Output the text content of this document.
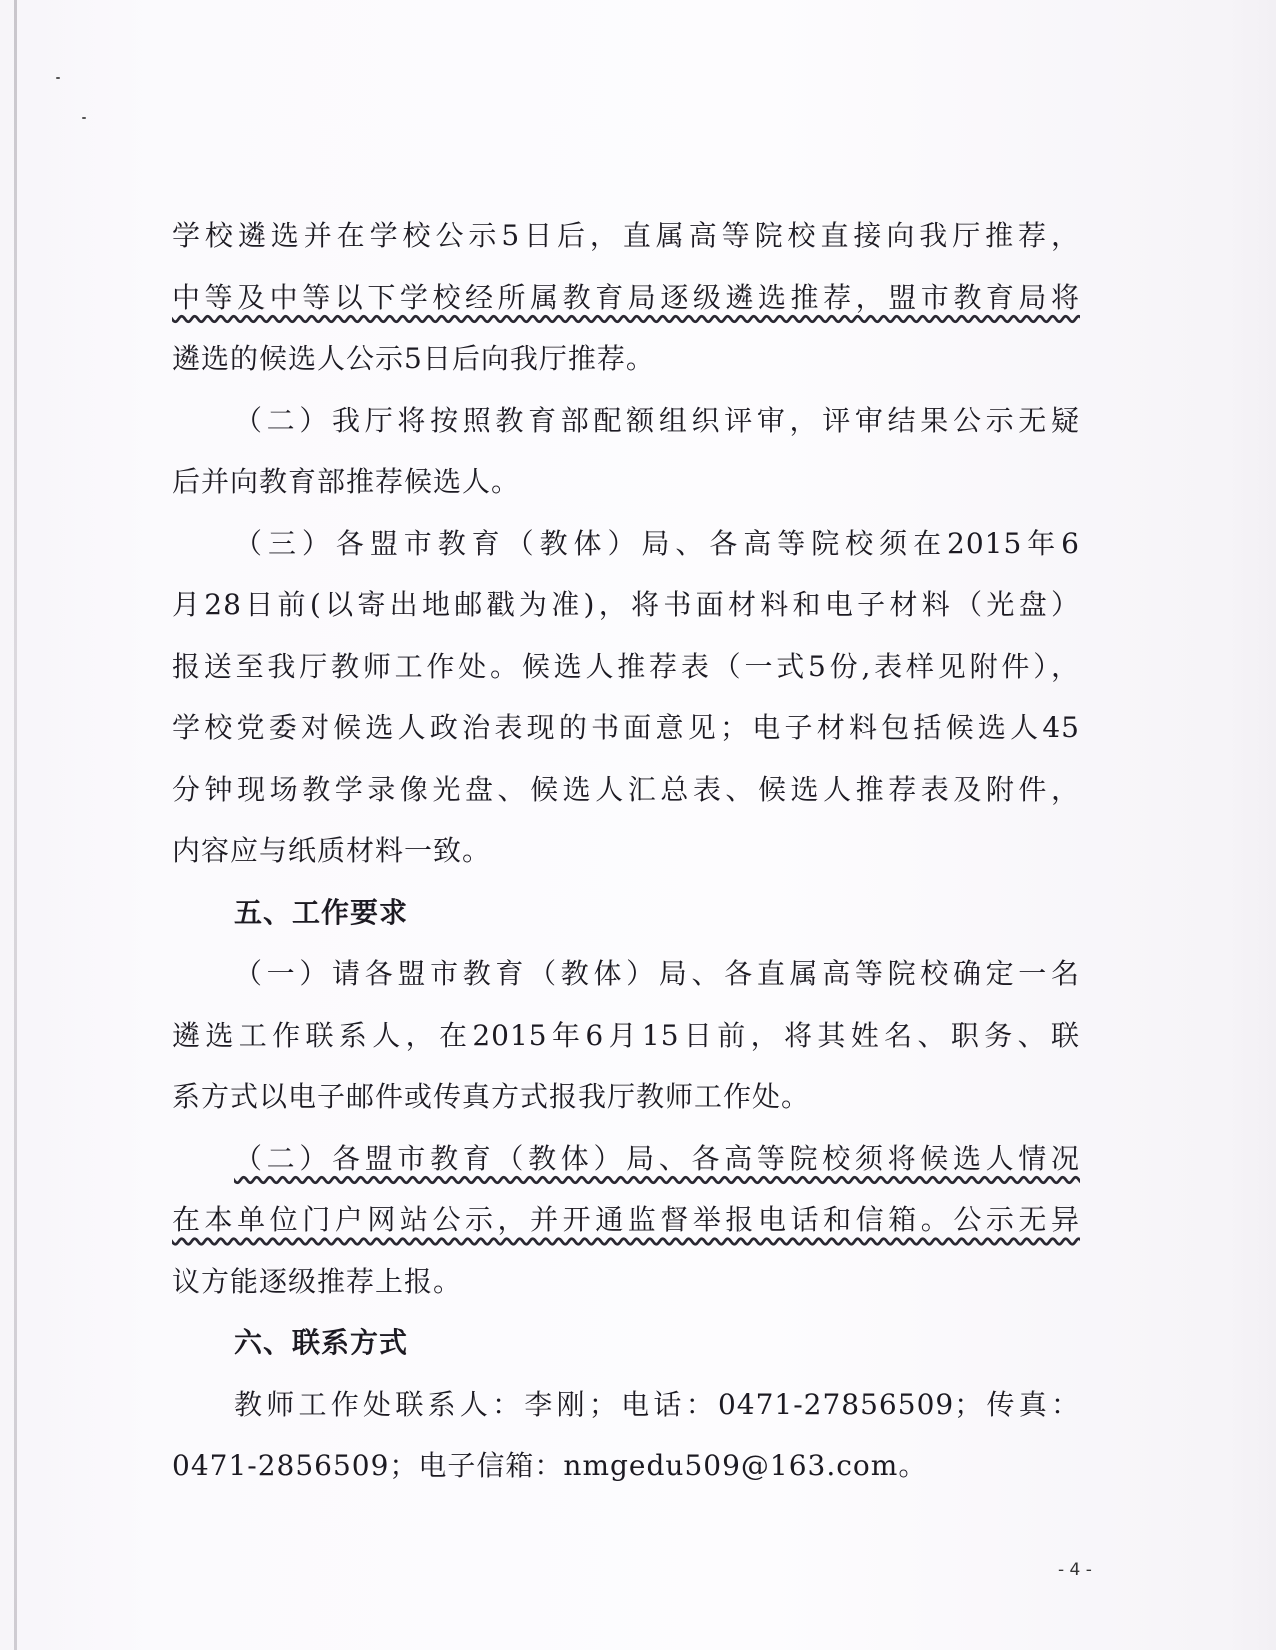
学校遴选并在学校公示5日后，直属高等院校直接向我厅推荐，
中等及中等以下学校经所属教育局逐级遴选推荐，盟市教育局将
遴选的候选人公示5日后向我厅推荐。
（二）我厅将按照教育部配额组织评审，评审结果公示无疑
后并向教育部推荐候选人。
（三）各盟市教育（教体）局、各高等院校须在2015年6
月28日前(以寄出地邮戳为准)，将书面材料和电子材料（光盘）
报送至我厅教师工作处。候选人推荐表（一式5份,表样见附件），
学校党委对候选人政治表现的书面意见；电子材料包括候选人45
分钟现场教学录像光盘、候选人汇总表、候选人推荐表及附件，
内容应与纸质材料一致。
五、工作要求
（一）请各盟市教育（教体）局、各直属高等院校确定一名
遴选工作联系人，在2015年6月15日前，将其姓名、职务、联
系方式以电子邮件或传真方式报我厅教师工作处。
（二）各盟市教育（教体）局、各高等院校须将候选人情况
在本单位门户网站公示，并开通监督举报电话和信箱。公示无异
议方能逐级推荐上报。
六、联系方式
教师工作处联系人：李刚；电话：0471-27856509；传真：
0471-2856509；电子信箱：nmgedu509@163.com。
- 4 -
